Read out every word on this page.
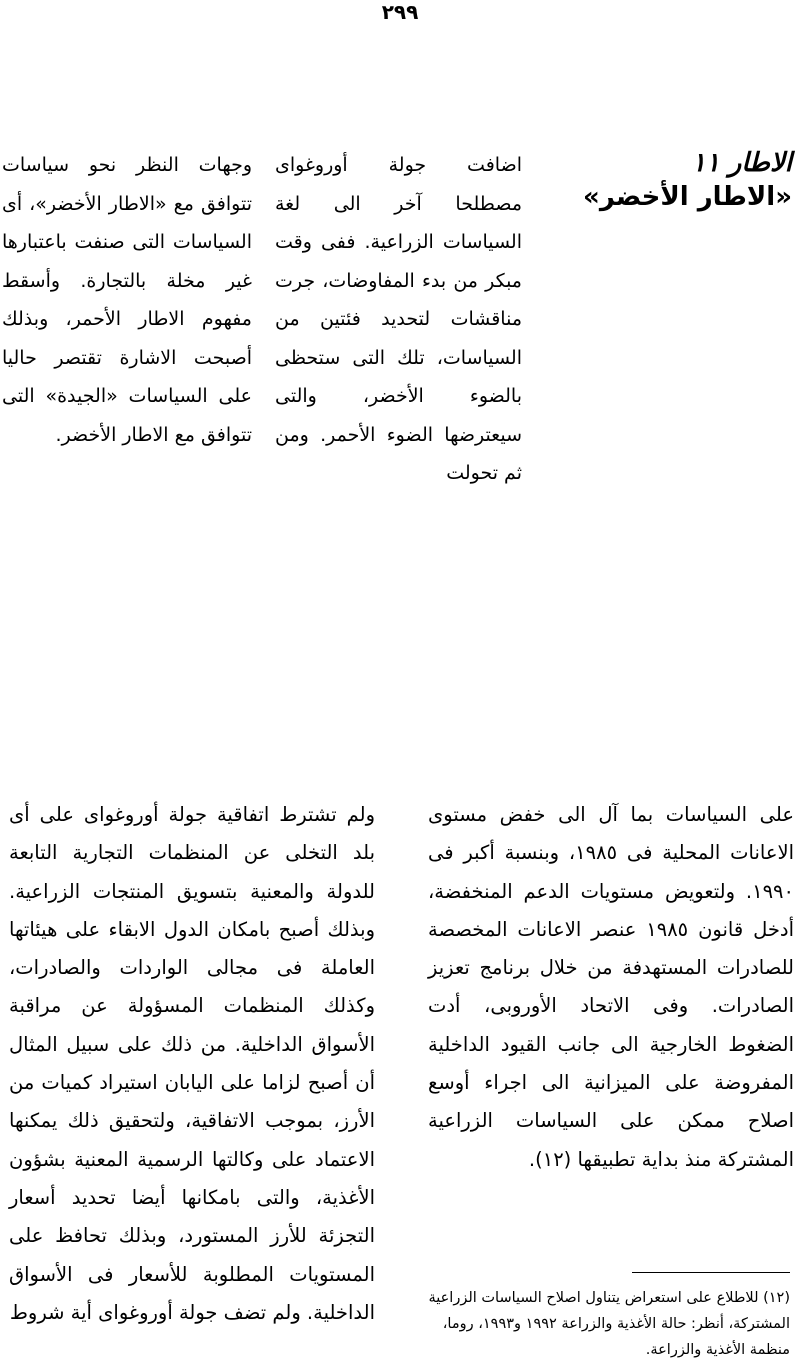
٢٩٩
الاطار ١١
«الاطار الأخضر»

اضافت جولة أوروغواى مصطلحا آخر الى لغة السياسات الزراعية. ففى وقت مبكر من بدء المفاوضات، جرت مناقشات لتحديد فئتين من السياسات، تلك التى ستحظى بالضوء الأخضر، والتى سيعترضها الضوء الأحمر. ومن ثم تحولت

وجهات النظر نحو سياسات تتوافق مع «الاطار الأخضر»، أى السياسات التى صنفت باعتبارها غير مخلة بالتجارة. وأسقط مفهوم الاطار الأحمر، وبذلك أصبحت الاشارة تقتصر حاليا على السياسات «الجيدة» التى تتوافق مع الاطار الأخضر.

على السياسات بما آل الى خفض مستوى الاعانات المحلية فى ١٩٨٥، وبنسبة أكبر فى ١٩٩٠. ولتعويض مستويات الدعم المنخفضة، أدخل قانون ١٩٨٥ عنصر الاعانات المخصصة للصادرات المستهدفة من خلال برنامج تعزيز الصادرات. وفى الاتحاد الأوروبى، أدت الضغوط الخارجية الى جانب القيود الداخلية المفروضة على الميزانية الى اجراء أوسع اصلاح ممكن على السياسات الزراعية المشتركة منذ بداية تطبيقها (١٢).

ولم تشترط اتفاقية جولة أوروغواى على أى بلد التخلى عن المنظمات التجارية التابعة للدولة والمعنية بتسويق المنتجات الزراعية. وبذلك أصبح بامكان الدول الابقاء على هيئاتها العاملة فى مجالى الواردات والصادرات، وكذلك المنظمات المسؤولة عن مراقبة الأسواق الداخلية. من ذلك على سبيل المثال أن أصبح لزاما على اليابان استيراد كميات من الأرز، بموجب الاتفاقية، ولتحقيق ذلك يمكنها الاعتماد على وكالتها الرسمية المعنية بشؤون الأغذية، والتى بامكانها أيضا تحديد أسعار التجزئة للأرز المستورد، وبذلك تحافظ على المستويات المطلوبة للأسعار فى الأسواق الداخلية. ولم تضف جولة أوروغواى أية شروط

(١٢) للاطلاع على استعراض يتناول اصلاح السياسات الزراعية المشتركة، أنظر: حالة الأغذية والزراعة ١٩٩٢ و١٩٩٣، روما، منظمة الأغذية والزراعة.
